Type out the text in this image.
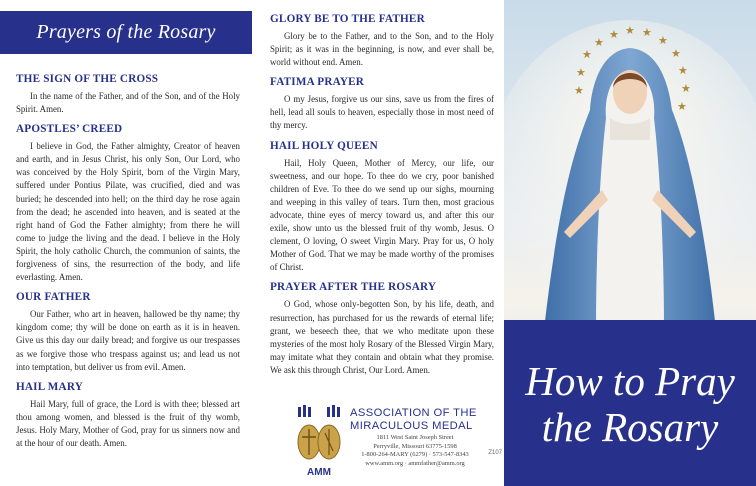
Prayers of the Rosary
THE SIGN OF THE CROSS

In the name of the Father, and of the Son, and of the Holy Spirit. Amen.

APOSTLES’ CREED

I believe in God, the Father almighty, Creator of heaven and earth, and in Jesus Christ, his only Son, Our Lord, who was conceived by the Holy Spirit, born of the Virgin Mary, suffered under Pontius Pilate, was crucified, died and was buried; he descended into hell; on the third day he rose again from the dead; he ascended into heaven, and is seated at the right hand of God the Father almighty; from there he will come to judge the living and the dead. I believe in the Holy Spirit, the holy catholic Church, the communion of saints, the forgiveness of sins, the resurrection of the body, and life everlasting. Amen.

OUR FATHER

Our Father, who art in heaven, hallowed be thy name; thy kingdom come; thy will be done on earth as it is in heaven. Give us this day our daily bread; and forgive us our trespasses as we forgive those who trespass against us; and lead us not into temptation, but deliver us from evil. Amen.

HAIL MARY

Hail Mary, full of grace, the Lord is with thee; blessed art thou among women, and blessed is the fruit of thy womb, Jesus. Holy Mary, Mother of God, pray for us sinners now and at the hour of our death. Amen.

GLORY BE TO THE FATHER

Glory be to the Father, and to the Son, and to the Holy Spirit; as it was in the beginning, is now, and ever shall be, world without end. Amen.

FATIMA PRAYER

O my Jesus, forgive us our sins, save us from the fires of hell, lead all souls to heaven, especially those in most need of thy mercy.

HAIL HOLY QUEEN

Hail, Holy Queen, Mother of Mercy, our life, our sweetness, and our hope. To thee do we cry, poor banished children of Eve. To thee do we send up our sighs, mourning and weeping in this valley of tears. Turn then, most gracious advocate, thine eyes of mercy toward us, and after this our exile, show unto us the blessed fruit of thy womb, Jesus. O clement, O loving, O sweet Virgin Mary. Pray for us, O holy Mother of God. That we may be made worthy of the promises of Christ.

PRAYER AFTER THE ROSARY

O God, whose only-begotten Son, by his life, death, and resurrection, has purchased for us the rewards of eternal life; grant, we beseech thee, that we who meditate upon these mysteries of the most holy Rosary of the Blessed Virgin Mary, may imitate what they contain and obtain what they promise. We ask this through Christ, Our Lord. Amen.

AMM
ASSOCIATION OF THE
MIRACULOUS MEDAL
1811 West Saint Joseph Street
Perryville, Missouri 63775-1598
1-800-264-MARY (6279) · 573-547-8343
www.amm.org · ammfather@amm.org
Z107
★
★ ★ ★
★
★
★
★
★
★
★
★
How to Pray
the Rosary
